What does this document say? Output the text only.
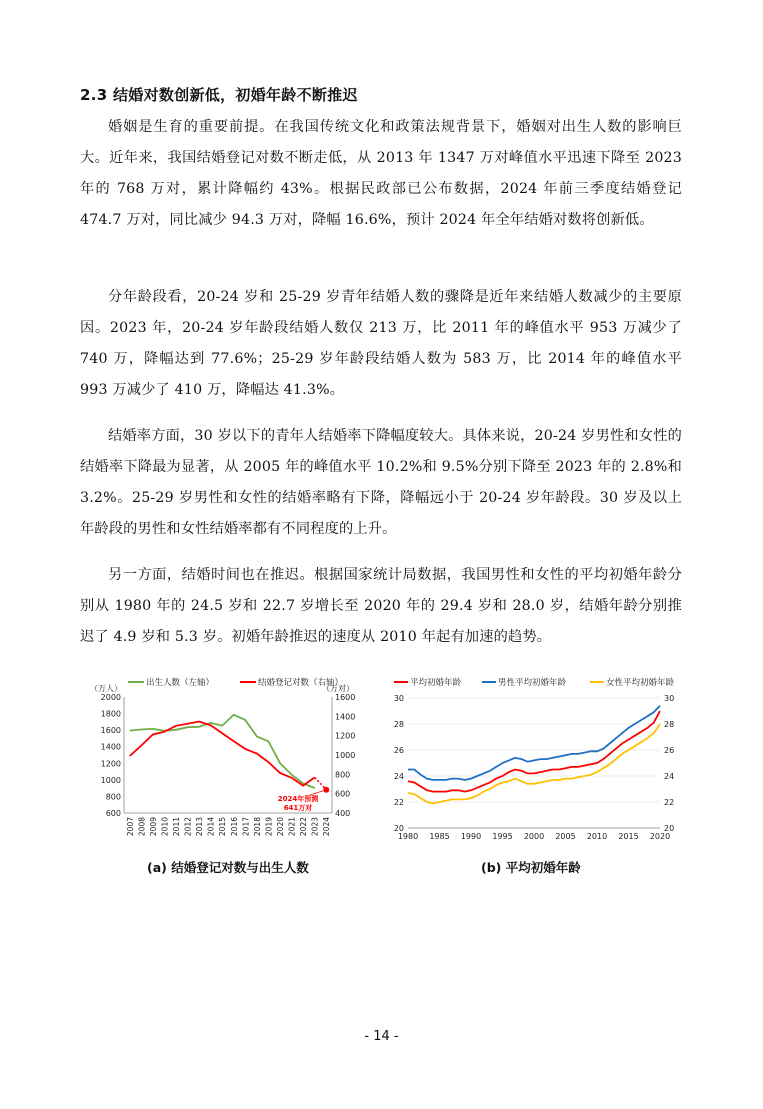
2.3 结婚对数创新低，初婚年龄不断推迟
婚姻是生育的重要前提。在我国传统文化和政策法规背景下，婚姻对出生人数的影响巨大。近年来，我国结婚登记对数不断走低，从 2013 年 1347 万对峰值水平迅速下降至 2023 年的 768 万对，累计降幅约 43%。根据民政部已公布数据，2024 年前三季度结婚登记 474.7 万对，同比减少 94.3 万对，降幅 16.6%，预计 2024 年全年结婚对数将创新低。
分年龄段看，20-24 岁和 25-29 岁青年结婚人数的骤降是近年来结婚人数减少的主要原因。2023 年，20-24 岁年龄段结婚人数仅 213 万，比 2011 年的峰值水平 953 万减少了 740 万，降幅达到 77.6%；25-29 岁年龄段结婚人数为 583 万，比 2014 年的峰值水平 993 万减少了 410 万，降幅达 41.3%。
结婚率方面，30 岁以下的青年人结婚率下降幅度较大。具体来说，20-24 岁男性和女性的结婚率下降最为显著，从 2005 年的峰值水平 10.2%和 9.5%分别下降至 2023 年的 2.8%和 3.2%。25-29 岁男性和女性的结婚率略有下降，降幅远小于 20-24 岁年龄段。30 岁及以上年龄段的男性和女性结婚率都有不同程度的上升。
另一方面，结婚时间也在推迟。根据国家统计局数据，我国男性和女性的平均初婚年龄分别从 1980 年的 24.5 岁和 22.7 岁增长至 2020 年的 29.4 岁和 28.0 岁，结婚年龄分别推迟了 4.9 岁和 5.3 岁。初婚年龄推迟的速度从 2010 年起有加速的趋势。
出生人数（左轴）	结婚登记对数（右轴）
（万人）	（万对）
600
800
1000
1200
1400
1600
1800
2000
400
600
800
1000
1200
1400
1600
2007 2008 2009 2010 2011 2012 2013 2014 2015 2016 2017 2018 2019 2020 2021 2022 2023 2024
2024年预测
641万对
平均初婚年龄	男性平均初婚年龄	女性平均初婚年龄
20	20
22	22
24	24
26	26
28	28
30	30
1980 1985 1990 1995 2000 2005 2010 2015 2020
(a) 结婚登记对数与出生人数	(b) 平均初婚年龄
- 14 -
